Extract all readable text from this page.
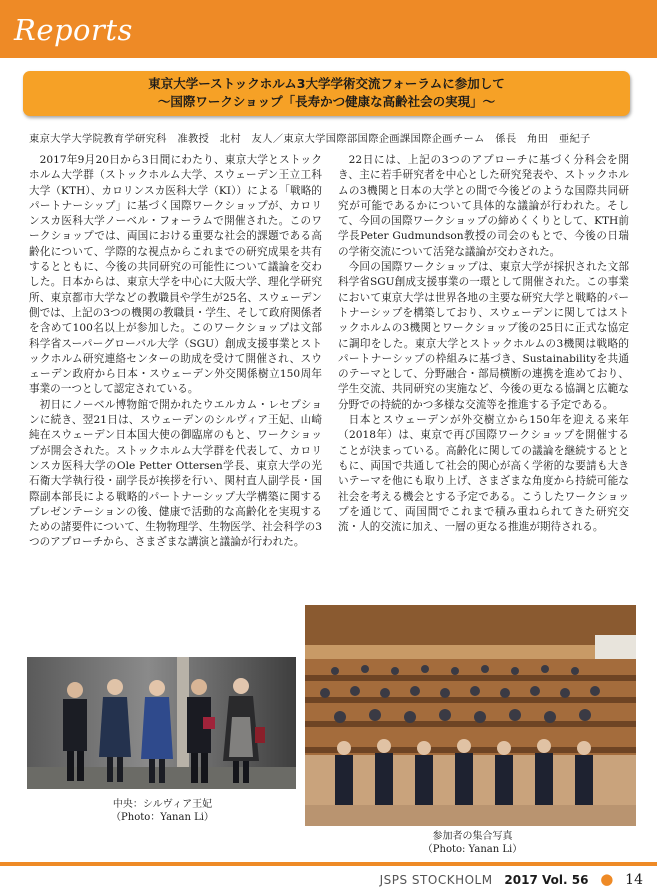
Reports
東京大学ーストックホルム3大学学術交流フォーラムに参加して
〜国際ワークショップ「長寿かつ健康な高齢社会の実現」〜
東京大学大学院教育学研究科　准教授　北村　友人／東京大学国際部国際企画課国際企画チーム　係長　角田　亜紀子

2017年9月20日から3日間にわたり、東京大学とストックホルム大学群（ストックホルム大学、スウェーデン王立工科大学（KTH）、カロリンスカ医科大学（KI））による「戦略的パートナーシップ」に基づく国際ワークショップが、カロリンスカ医科大学ノーベル・フォーラムで開催された。このワークショップでは、両国における重要な社会的課題である高齢化について、学際的な視点からこれまでの研究成果を共有するとともに、今後の共同研究の可能性について議論を交わした。日本からは、東京大学を中心に大阪大学、理化学研究所、東京都市大学などの教職員や学生が25名、スウェーデン側では、上記の3つの機関の教職員・学生、そして政府関係者を含めて100名以上が参加した。このワークショップは文部科学省スーパーグローバル大学（SGU）創成支援事業とストックホルム研究連絡センターの助成を受けて開催され、スウェーデン政府から日本・スウェーデン外交関係樹立150周年事業の一つとして認定されている。

初日にノーベル博物館で開かれたウエルカム・レセプションに続き、翌21日は、スウェーデンのシルヴィア王妃、山崎純在スウェーデン日本国大使の御臨席のもと、ワークショップが開会された。ストックホルム大学群を代表して、カロリンスカ医科大学のOle Petter Ottersen学長、東京大学の光石衛大学執行役・副学長が挨拶を行い、関村直人副学長・国際副本部長による戦略的パートナーシップ大学構築に関するプレゼンテーションの後、健康で活動的な高齢化を実現するための諸要件について、生物物理学、生物医学、社会科学の3つのアプローチから、さまざまな講演と議論が行われた。

22日には、上記の3つのアプローチに基づく分科会を開き、主に若手研究者を中心とした研究発表や、ストックホルムの3機関と日本の大学との間で今後どのような国際共同研究が可能であるかについて具体的な議論が行われた。そして、今回の国際ワークショップの締めくくりとして、KTH前学長Peter Gudmundson教授の司会のもとで、今後の日瑞の学術交流について活発な議論が交わされた。

今回の国際ワークショップは、東京大学が採択された文部科学省SGU創成支援事業の一環として開催された。この事業において東京大学は世界各地の主要な研究大学と戦略的パートナーシップを構築しており、スウェーデンに関してはストックホルムの3機関とワークショップ後の25日に正式な協定に調印をした。東京大学とストックホルムの3機関は戦略的パートナーシップの枠組みに基づき、Sustainabilityを共通のテーマとして、分野融合・部局横断の連携を進めており、学生交流、共同研究の実施など、今後の更なる協調と広範な分野での持続的かつ多様な交流等を推進する予定である。

日本とスウェーデンが外交樹立から150年を迎える来年（2018年）は、東京で再び国際ワークショップを開催することが決まっている。高齢化に関しての議論を継続するとともに、両国で共通して社会的関心が高く学術的な要請も大きいテーマを他にも取り上げ、さまざまな角度から持続可能な社会を考える機会とする予定である。こうしたワークショップを通じて、両国間でこれまで積み重ねられてきた研究交流・人的交流に加え、一層の更なる推進が期待される。

中央：シルヴィア王妃
（Photo：Yanan Li）
参加者の集合写真
（Photo: Yanan Li）
JSPS STOCKHOLM 2017 Vol. 56 ● 14
